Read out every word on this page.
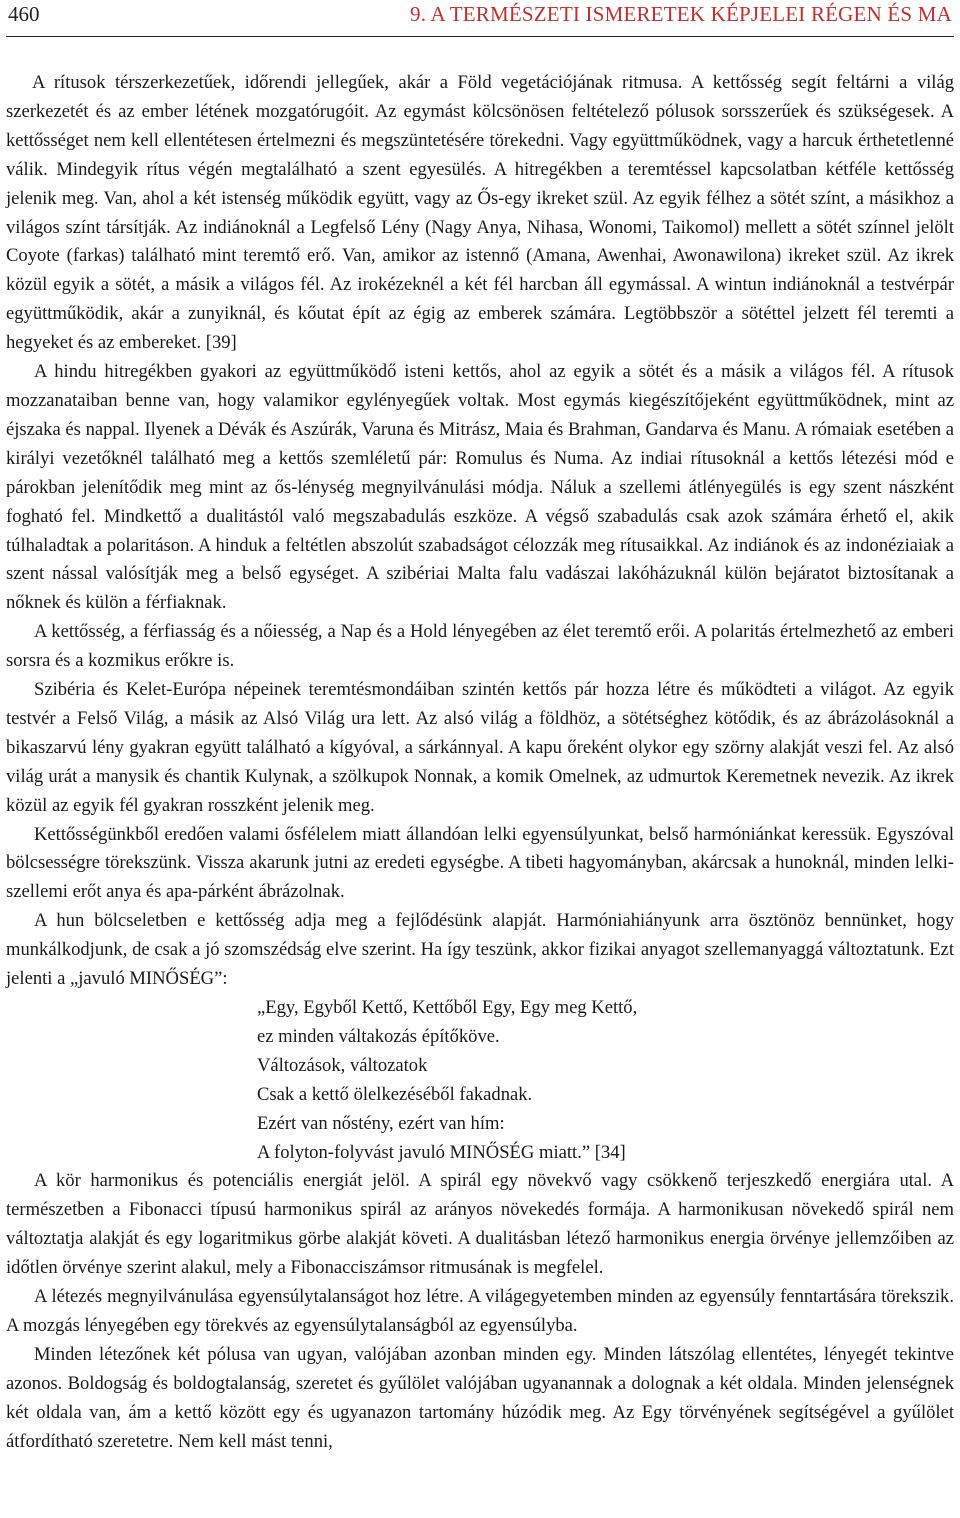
460	9. A TERMÉSZETI ISMERETEK KÉPJELEI RÉGEN ÉS MA

A rítusok térszerkezetűek, időrendi jellegűek, akár a Föld vegetációjának ritmusa. A kettősség segít feltárni a világ szerkezetét és az ember létének mozgatórugóit. Az egymást kölcsönösen feltételező pólusok sorsszerűek és szükségesek. A kettősséget nem kell ellentétesen értelmezni és megszüntetésére törekedni. Vagy együttműködnek, vagy a harcuk érthetetlenné válik. Mindegyik rítus végén megtalálható a szent egyesülés. A hitregékben a teremtéssel kapcsolatban kétféle kettősség jelenik meg. Van, ahol a két istenség működik együtt, vagy az Ős-egy ikreket szül. Az egyik félhez a sötét színt, a másikhoz a világos színt társítják. Az indiánoknál a Legfelső Lény (Nagy Anya, Nihasa, Wonomi, Taikomol) mellett a sötét színnel jelölt Coyote (farkas) található mint teremtő erő. Van, amikor az istennő (Amana, Awenhai, Awonawilona) ikreket szül. Az ikrek közül egyik a sötét, a másik a világos fél. Az irokézeknél a két fél harcban áll egymással. A wintun indiánoknál a testvérpár együttműködik, akár a zunyiknál, és kőutat épít az égig az emberek számára. Legtöbbször a sötéttel jelzett fél teremti a hegyeket és az embereket. [39]

A hindu hitregékben gyakori az együttműködő isteni kettős, ahol az egyik a sötét és a másik a világos fél. A rítusok mozzanataiban benne van, hogy valamikor egylényegűek voltak. Most egymás kiegészítőjeként együttműködnek, mint az éjszaka és nappal. Ilyenek a Dévák és Aszúrák, Varuna és Mitrász, Maia és Brahman, Gandarva és Manu. A rómaiak esetében a királyi vezetőknél található meg a kettős szemléletű pár: Romulus és Numa. Az indiai rítusoknál a kettős létezési mód e párokban jelenítődik meg mint az ős-lénység megnyilvánulási módja. Náluk a szellemi átlényegülés is egy szent nászként fogható fel. Mindkettő a dualitástól való megszabadulás eszköze. A végső szabadulás csak azok számára érhető el, akik túlhaladtak a polaritáson. A hinduk a feltétlen abszolút szabadságot célozzák meg rítusaikkal. Az indiánok és az indonéziaiak a szent nással valósítják meg a belső egységet. A szibériai Malta falu vadászai lakóházuknál külön bejáratot biztosítanak a nőknek és külön a férfiaknak.

A kettősség, a férfiasság és a nőiesség, a Nap és a Hold lényegében az élet teremtő erői. A polaritás értelmezhető az emberi sorsra és a kozmikus erőkre is.

Szibéria és Kelet-Európa népeinek teremtésmondáiban szintén kettős pár hozza létre és működteti a világot. Az egyik testvér a Felső Világ, a másik az Alsó Világ ura lett. Az alsó világ a földhöz, a sötétséghez kötődik, és az ábrázolásoknál a bikaszarvú lény gyakran együtt található a kígyóval, a sárkánnyal. A kapu őreként olykor egy szörny alakját veszi fel. Az alsó világ urát a manysik és chantik Kulynak, a szölkupok Nonnak, a komik Omelnek, az udmurtok Keremetnek nevezik. Az ikrek közül az egyik fél gyakran rosszként jelenik meg.

Kettősségünkből eredően valami ősfélelem miatt állandóan lelki egyensúlyunkat, belső harmóniánkat keressük. Egyszóval bölcsességre törekszünk. Vissza akarunk jutni az eredeti egységbe. A tibeti hagyományban, akárcsak a hunoknál, minden lelki-szellemi erőt anya és apa-párként ábrázolnak.

A hun bölcseletben e kettősség adja meg a fejlődésünk alapját. Harmóniahiányunk arra ösztönöz bennünket, hogy munkálkodjunk, de csak a jó szomszédság elve szerint. Ha így teszünk, akkor fizikai anyagot szellemanyaggá változtatunk. Ezt jelenti a „javuló MINŐSÉG”:

„Egy, Egyből Kettő, Kettőből Egy, Egy meg Kettő,
ez minden váltakozás építőköve.
Változások, változatok
Csak a kettő ölelkezéséből fakadnak.
Ezért van nőstény, ezért van hím:
A folyton-folyvást javuló MINŐSÉG miatt.” [34]

A kör harmonikus és potenciális energiát jelöl. A spirál egy növekvő vagy csökkenő terjeszkedő energiára utal. A természetben a Fibonacci típusú harmonikus spirál az arányos növekedés formája. A harmonikusan növekedő spirál nem változtatja alakját és egy logaritmikus görbe alakját követi. A dualitásban létező harmonikus energia örvénye jellemzőiben az időtlen örvénye szerint alakul, mely a Fibonacciszámsor ritmusának is megfelel.

A létezés megnyilvánulása egyensúlytalanságot hoz létre. A világegyetemben minden az egyensúly fenntartására törekszik. A mozgás lényegében egy törekvés az egyensúlytalanságból az egyensúlyba.

Minden létezőnek két pólusa van ugyan, valójában azonban minden egy. Minden látszólag ellentétes, lényegét tekintve azonos. Boldogság és boldogtalanság, szeretet és gyűlölet valójában ugyanannak a dolognak a két oldala. Minden jelenségnek két oldala van, ám a kettő között egy és ugyanazon tartomány húzódik meg. Az Egy törvényének segítségével a gyűlölet átfordítható szeretetre. Nem kell mást tenni,
